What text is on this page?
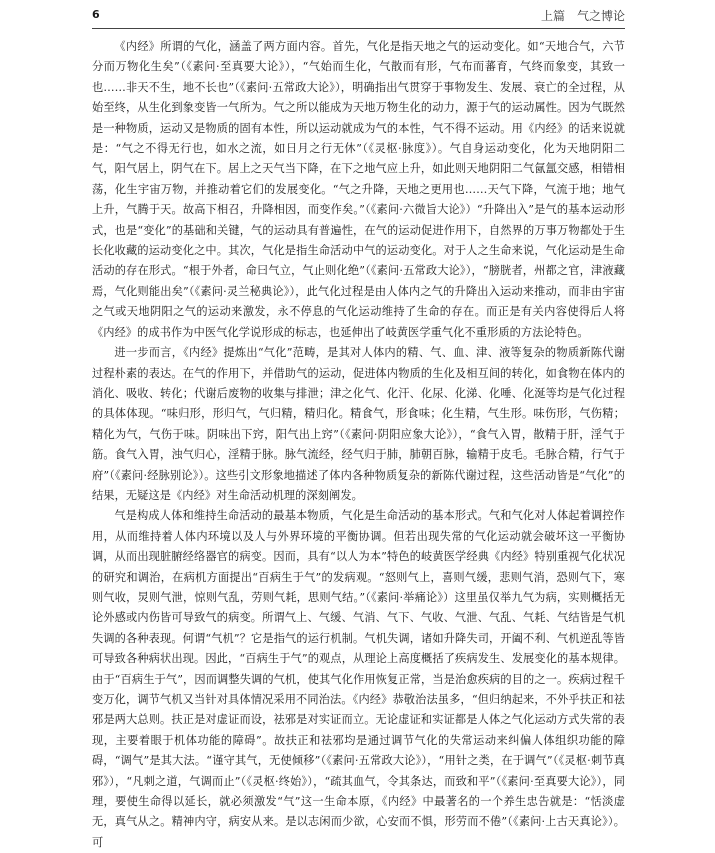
6	上篇　气之博论

《内经》所谓的气化，涵盖了两方面内容。首先，气化是指天地之气的运动变化。如“天地合气，六节分而万物化生矣”（《素问·至真要大论》），“气始而生化，气散而有形，气布而蕃育，气终而象变，其致一也……非天不生，地不长也”（《素问·五常政大论》），明确指出气贯穿于事物发生、发展、衰亡的全过程，从始至终，从生化到象变皆一气所为。气之所以能成为天地万物生化的动力，源于气的运动属性。因为气既然是一种物质，运动又是物质的固有本性，所以运动就成为气的本性，气不得不运动。用《内经》的话来说就是：“气之不得无行也，如水之流，如日月之行无休”（《灵枢·脉度》）。气自身运动变化，化为天地阴阳二气，阳气居上，阴气在下。居上之天气当下降，在下之地气应上升，如此则天地阴阳二气氤氲交感，相错相荡，化生宇宙万物，并推动着它们的发展变化。“气之升降，天地之更用也……天气下降，气流于地；地气上升，气腾于天。故高下相召，升降相因，而变作矣。”（《素问·六微旨大论》）“升降出入”是气的基本运动形式，也是“变化”的基础和关键，气的运动具有普遍性，在气的运动促进作用下，自然界的万事万物都处于生长化收藏的运动变化之中。其次，气化是指生命活动中气的运动变化。对于人之生命来说，气化运动是生命活动的存在形式。“根于外者，命曰气立，气止则化绝”（《素问·五常政大论》），“膀胱者，州都之官，津液藏焉，气化则能出矣”（《素问·灵兰秘典论》），此气化过程是由人体内之气的升降出入运动来推动，而非由宇宙之气或天地阴阳之气的运动来激发，永不停息的气化运动维持了生命的存在。而正是有关内容使得后人将《内经》的成书作为中医气化学说形成的标志，也延伸出了岐黄医学重气化不重形质的方法论特色。

进一步而言，《内经》提炼出“气化”范畴，是其对人体内的精、气、血、津、液等复杂的物质新陈代谢过程朴素的表达。在气的作用下，并借助气的运动，促进体内物质的生化及相互间的转化，如食物在体内的消化、吸收、转化；代谢后废物的收集与排泄；津之化气、化汗、化尿、化涕、化唾、化涎等均是气化过程的具体体现。“味归形，形归气，气归精，精归化。精食气，形食味；化生精，气生形。味伤形，气伤精；精化为气，气伤于味。阴味出下窍，阳气出上窍”（《素问·阴阳应象大论》），“食气入胃，散精于肝，淫气于筋。食气入胃，浊气归心，淫精于脉。脉气流经，经气归于肺，肺朝百脉，输精于皮毛。毛脉合精，行气于府”（《素问·经脉别论》）。这些引文形象地描述了体内各种物质复杂的新陈代谢过程，这些活动皆是“气化”的结果，无疑这是《内经》对生命活动机理的深刻阐发。

气是构成人体和维持生命活动的最基本物质，气化是生命活动的基本形式。气和气化对人体起着调控作用，从而维持着人体内环境以及人与外界环境的平衡协调。但若出现失常的气化运动就会破坏这一平衡协调，从而出现脏腑经络器官的病变。因而，具有“以人为本”特色的岐黄医学经典《内经》特别重视气化状况的研究和调治，在病机方面提出“百病生于气”的发病观。“怒则气上，喜则气缓，悲则气消，恐则气下，寒则气收，炅则气泄，惊则气乱，劳则气耗，思则气结。”（《素问·举痛论》）这里虽仅举九气为病，实则概括无论外感或内伤皆可导致气的病变。所谓气上、气缓、气消、气下、气收、气泄、气乱、气耗、气结皆是气机失调的各种表现。何谓“气机”？它是指气的运行机制。气机失调，诸如升降失司，开阖不利、气机逆乱等皆可导致各种病状出现。因此，“百病生于气”的观点，从理论上高度概括了疾病发生、发展变化的基本规律。由于“百病生于气”，因而调整失调的气机，使其气化作用恢复正常，当是治愈疾病的目的之一。疾病过程千变万化，调节气机又当针对具体情况采用不同治法。《内经》恭敬治法虽多，“但归纳起来，不外乎扶正和祛邪是两大总则。扶正是对虚证而设，祛邪是对实证而立。无论虚证和实证都是人体之气化运动方式失常的表现，主要着眼于机体功能的障碍”。故扶正和祛邪均是通过调节气化的失常运动来纠偏人体组织功能的障碍，“调气”是其大法。“谨守其气，无使倾移”（《素问·五常政大论》），“用针之类，在于调气”（《灵枢·刺节真邪》），“凡刺之道，气调而止”（《灵枢·终始》），“疏其血气，令其条达，而致和平”（《素问·至真要大论》），同理，要使生命得以延长，就必须激发“气”这一生命本原，《内经》中最著名的一个养生忠告就是：“恬淡虚无，真气从之。精神内守，病安从来。是以志闲而少欲，心安而不惧，形劳而不倦”（《素问·上古天真论》）。可
